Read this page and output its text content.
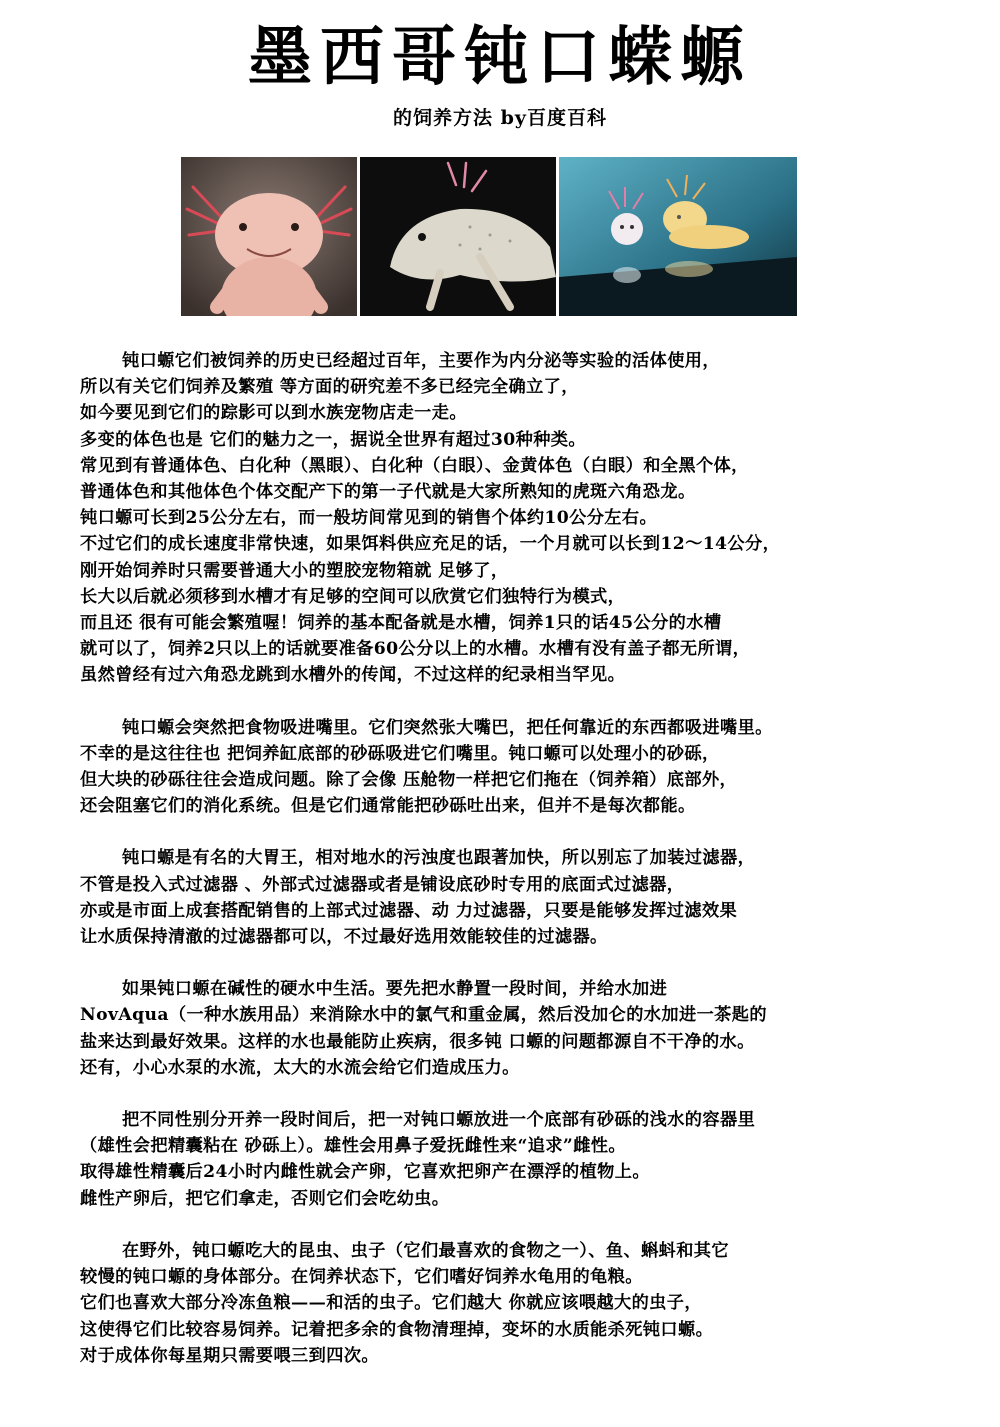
墨西哥钝口蝾螈
的饲养方法 by百度百科
钝口螈它们被饲养的历史已经超过百年，主要作为内分泌等实验的活体使用，
所以有关它们饲养及繁殖 等方面的研究差不多已经完全确立了，
如今要见到它们的踪影可以到水族宠物店走一走。
多变的体色也是 它们的魅力之一，据说全世界有超过30种种类。
常见到有普通体色、白化种（黑眼）、白化种（白眼）、金黄体色（白眼）和全黑个体，
普通体色和其他体色个体交配产下的第一子代就是大家所熟知的虎斑六角恐龙。
钝口螈可长到25公分左右，而一般坊间常见到的销售个体约10公分左右。
不过它们的成长速度非常快速，如果饵料供应充足的话，一个月就可以长到12～14公分，
刚开始饲养时只需要普通大小的塑胶宠物箱就 足够了，
长大以后就必须移到水槽才有足够的空间可以欣赏它们独特行为模式，
而且还 很有可能会繁殖喔！饲养的基本配备就是水槽，饲养1只的话45公分的水槽
就可以了，饲养2只以上的话就要准备60公分以上的水槽。水槽有没有盖子都无所谓，
虽然曾经有过六角恐龙跳到水槽外的传闻，不过这样的纪录相当罕见。
钝口螈会突然把食物吸进嘴里。它们突然张大嘴巴，把任何靠近的东西都吸进嘴里。
不幸的是这往往也 把饲养缸底部的砂砾吸进它们嘴里。钝口螈可以处理小的砂砾，
但大块的砂砾往往会造成问题。除了会像 压舱物一样把它们拖在（饲养箱）底部外，
还会阻塞它们的消化系统。但是它们通常能把砂砾吐出来，但并不是每次都能。
钝口螈是有名的大胃王，相对地水的污浊度也跟著加快，所以别忘了加装过滤器，
不管是投入式过滤器 、外部式过滤器或者是铺设底砂时专用的底面式过滤器，
亦或是市面上成套搭配销售的上部式过滤器、动 力过滤器，只要是能够发挥过滤效果
让水质保持清澈的过滤器都可以，不过最好选用效能较佳的过滤器。
如果钝口螈在碱性的硬水中生活。要先把水静置一段时间，并给水加进
NovAqua（一种水族用品）来消除水中的氯气和重金属，然后没加仑的水加进一茶匙的
盐来达到最好效果。这样的水也最能防止疾病，很多钝 口螈的问题都源自不干净的水。
还有，小心水泵的水流，太大的水流会给它们造成压力。
把不同性别分开养一段时间后，把一对钝口螈放进一个底部有砂砾的浅水的容器里
（雄性会把精囊粘在 砂砾上）。雄性会用鼻子爱抚雌性来“追求”雌性。
取得雄性精囊后24小时内雌性就会产卵，它喜欢把卵产在漂浮的植物上。
雌性产卵后，把它们拿走，否则它们会吃幼虫。
在野外，钝口螈吃大的昆虫、虫子（它们最喜欢的食物之一）、鱼、蝌蚪和其它
较慢的钝口螈的身体部分。在饲养状态下，它们嗜好饲养水龟用的龟粮。
它们也喜欢大部分冷冻鱼粮——和活的虫子。它们越大 你就应该喂越大的虫子，
这使得它们比较容易饲养。记着把多余的食物清理掉，变坏的水质能杀死钝口螈。
对于成体你每星期只需要喂三到四次。
